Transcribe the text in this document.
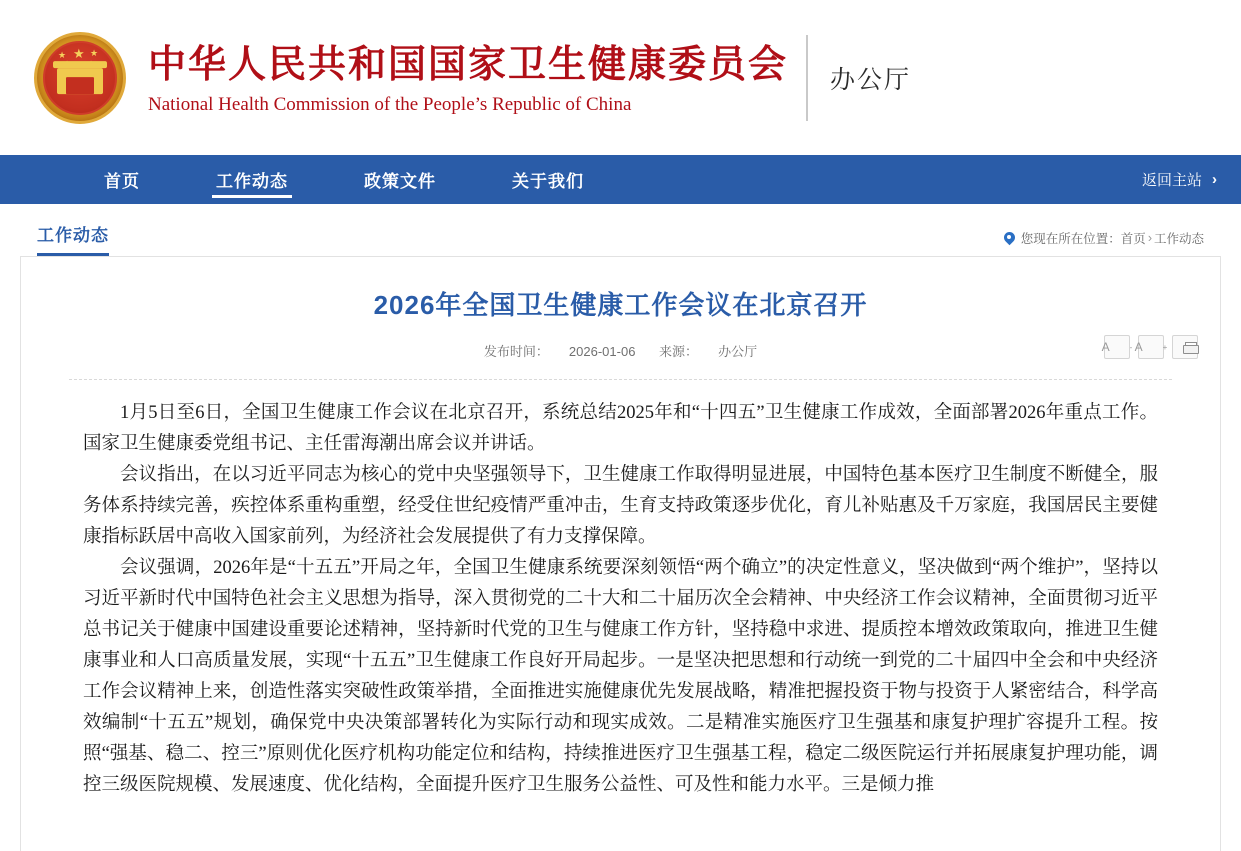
★
★	★ 中华人民共和国国家卫生健康委员会
National Health Commission of the People’s Republic of China
办公厅
首页	工作动态	政策文件	关于我们	返回主站 ›
工作动态	您现在所在位置： 首页 › 工作动态
2026年全国卫生健康工作会议在北京召开
发布时间： 2026-01-06 来源： 办公厅	A	- A	+

1月5日至6日，全国卫生健康工作会议在北京召开，系统总结2025年和“十四五”卫生健康工作成效，全面部署2026年重点工作。国家卫生健康委党组书记、主任雷海潮出席会议并讲话。

会议指出，在以习近平同志为核心的党中央坚强领导下，卫生健康工作取得明显进展，中国特色基本医疗卫生制度不断健全，服务体系持续完善，疾控体系重构重塑，经受住世纪疫情严重冲击，生育支持政策逐步优化，育儿补贴惠及千万家庭，我国居民主要健康指标跃居中高收入国家前列，为经济社会发展提供了有力支撑保障。

会议强调，2026年是“十五五”开局之年，全国卫生健康系统要深刻领悟“两个确立”的决定性意义，坚决做到“两个维护”，坚持以习近平新时代中国特色社会主义思想为指导，深入贯彻党的二十大和二十届历次全会精神、中央经济工作会议精神，全面贯彻习近平总书记关于健康中国建设重要论述精神，坚持新时代党的卫生与健康工作方针，坚持稳中求进、提质控本增效政策取向，推进卫生健康事业和人口高质量发展，实现“十五五”卫生健康工作良好开局起步。一是坚决把思想和行动统一到党的二十届四中全会和中央经济工作会议精神上来，创造性落实突破性政策举措，全面推进实施健康优先发展战略，精准把握投资于物与投资于人紧密结合，科学高效编制“十五五”规划，确保党中央决策部署转化为实际行动和现实成效。二是精准实施医疗卫生强基和康复护理扩容提升工程。按照“强基、稳二、控三”原则优化医疗机构功能定位和结构，持续推进医疗卫生强基工程，稳定二级医院运行并拓展康复护理功能，调控三级医院规模、发展速度、优化结构，全面提升医疗卫生服务公益性、可及性和能力水平。三是倾力推
